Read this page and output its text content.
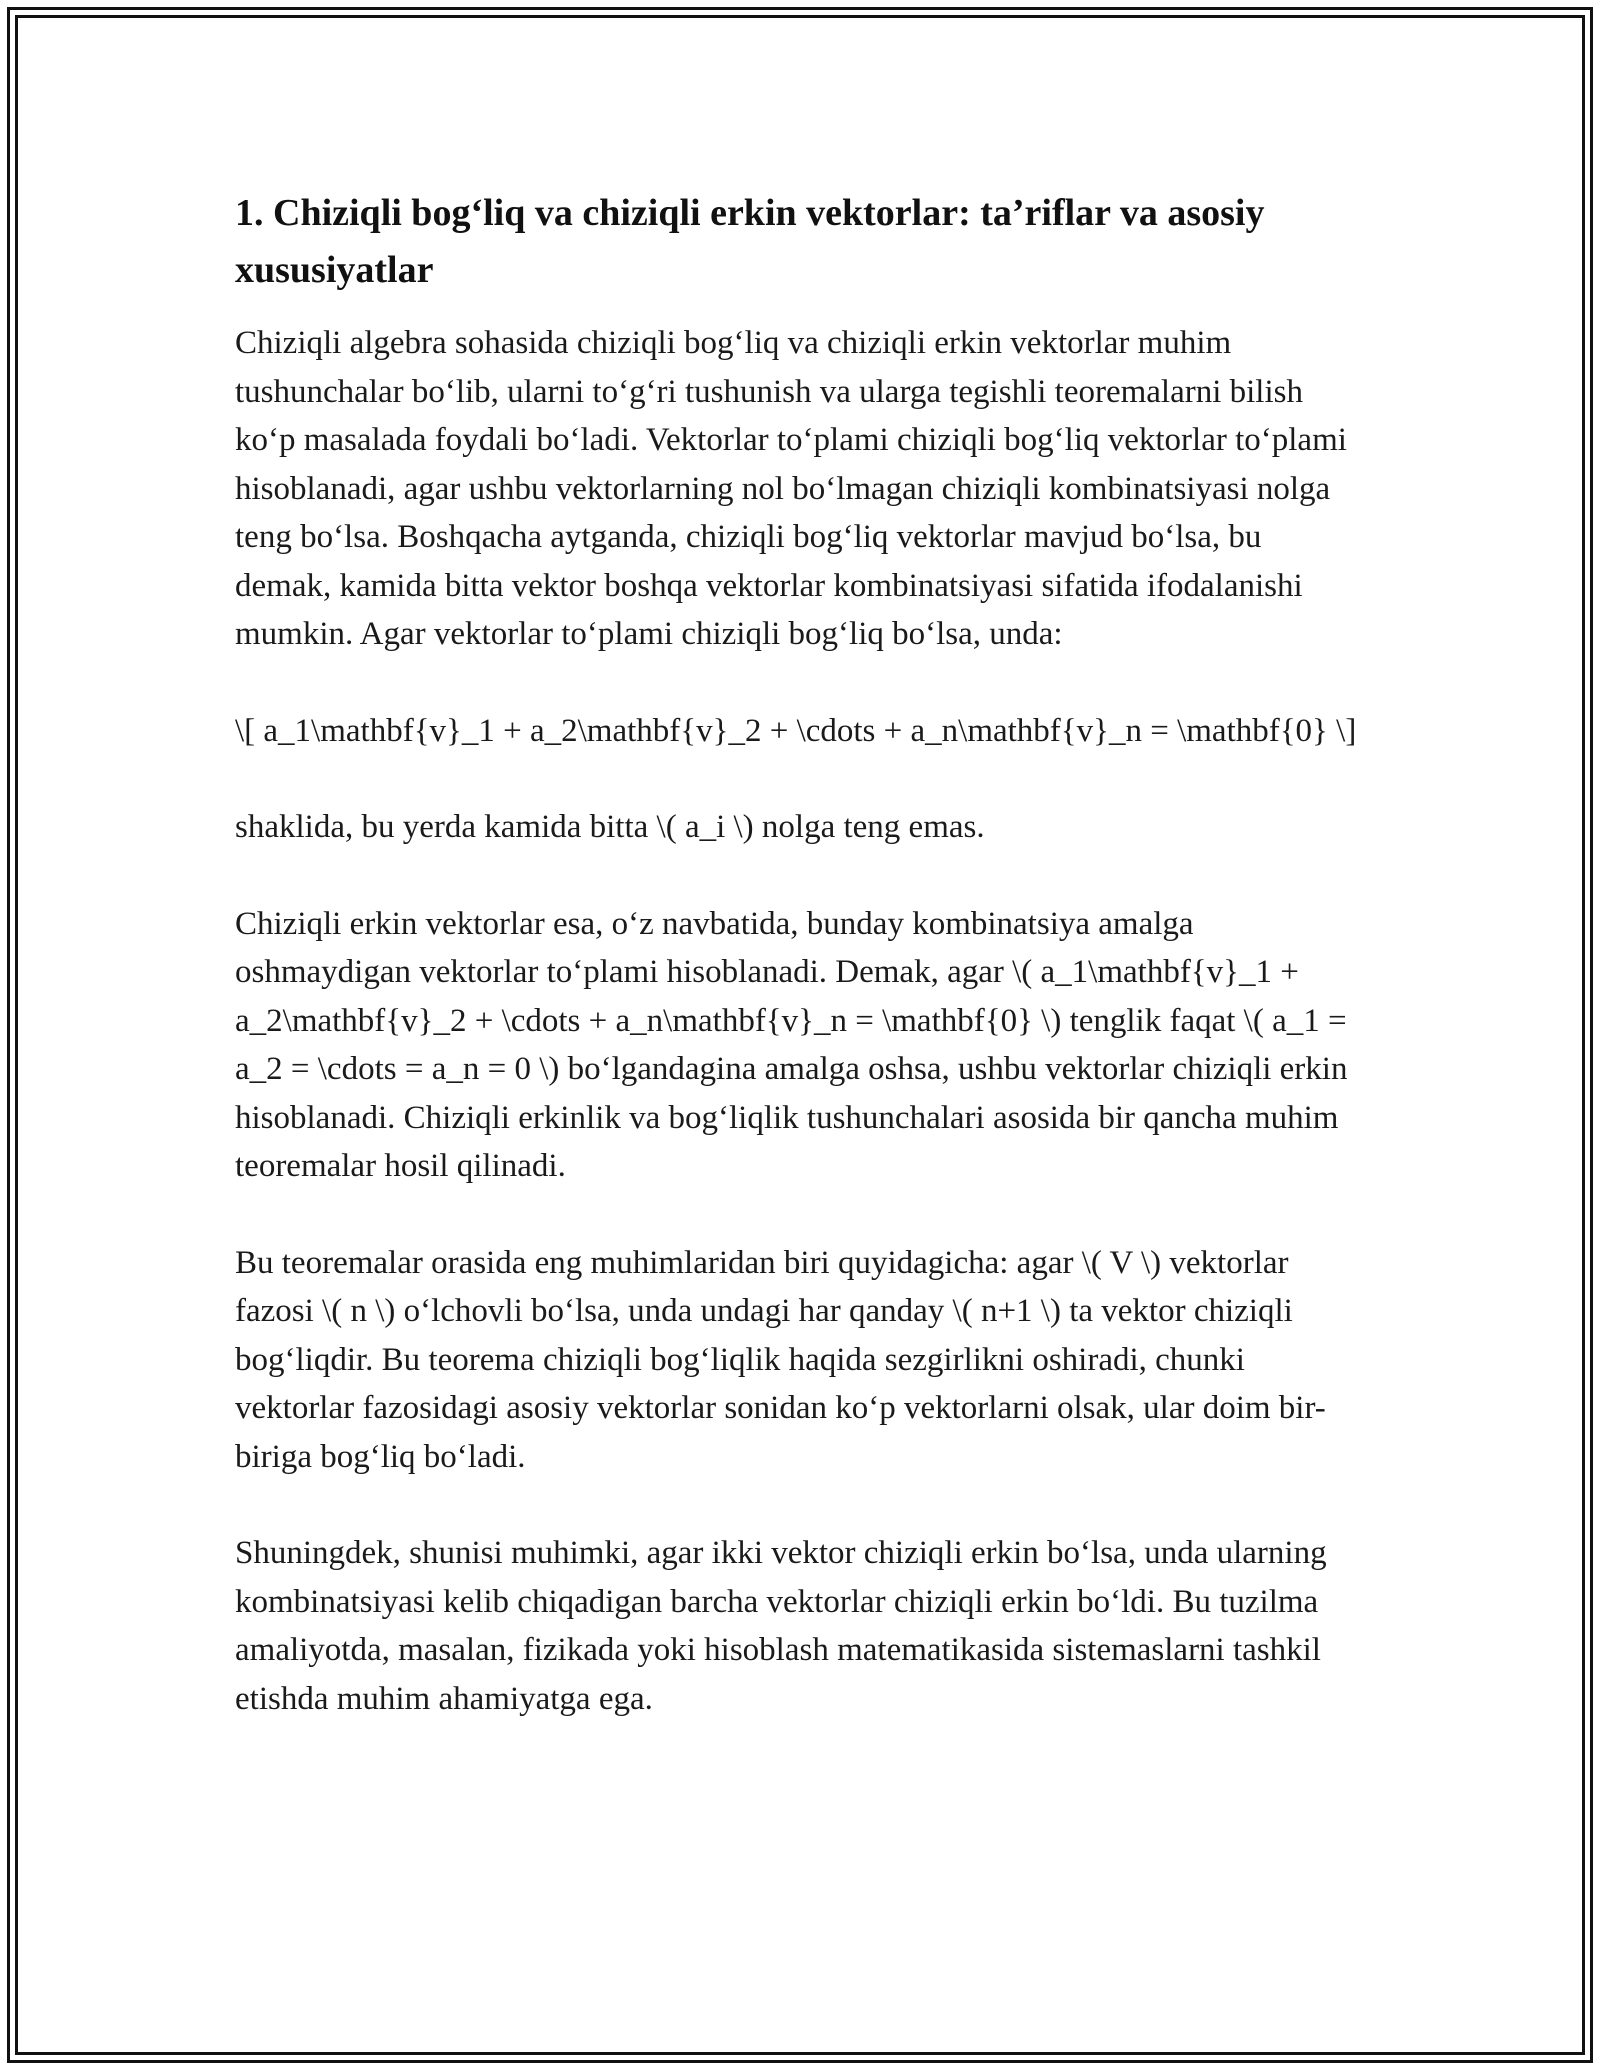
1. Chiziqli bog‘liq va chiziqli erkin vektorlar: ta’riflar va asosiy xususiyatlar

Chiziqli algebra sohasida chiziqli bog‘liq va chiziqli erkin vektorlar muhim tushunchalar bo‘lib, ularni to‘g‘ri tushunish va ularga tegishli teoremalarni bilish ko‘p masalada foydali bo‘ladi. Vektorlar to‘plami chiziqli bog‘liq vektorlar to‘plami hisoblanadi, agar ushbu vektorlarning nol bo‘lmagan chiziqli kombinatsiyasi nolga teng bo‘lsa. Boshqacha aytganda, chiziqli bog‘liq vektorlar mavjud bo‘lsa, bu demak, kamida bitta vektor boshqa vektorlar kombinatsiyasi sifatida ifodalanishi mumkin. Agar vektorlar to‘plami chiziqli bog‘liq bo‘lsa, unda:

\[ a_1\mathbf{v}_1 + a_2\mathbf{v}_2 + \cdots + a_n\mathbf{v}_n = \mathbf{0} \]

shaklida, bu yerda kamida bitta \( a_i \) nolga teng emas.

Chiziqli erkin vektorlar esa, o‘z navbatida, bunday kombinatsiya amalga oshmaydigan vektorlar to‘plami hisoblanadi. Demak, agar \( a_1\mathbf{v}_1 + a_2\mathbf{v}_2 + \cdots + a_n\mathbf{v}_n = \mathbf{0} \) tenglik faqat \( a_1 = a_2 = \cdots = a_n = 0 \) bo‘lgandagina amalga oshsa, ushbu vektorlar chiziqli erkin hisoblanadi. Chiziqli erkinlik va bog‘liqlik tushunchalari asosida bir qancha muhim teoremalar hosil qilinadi.

Bu teoremalar orasida eng muhimlaridan biri quyidagicha: agar \( V \) vektorlar fazosi \( n \) o‘lchovli bo‘lsa, unda undagi har qanday \( n+1 \) ta vektor chiziqli bog‘liqdir. Bu teorema chiziqli bog‘liqlik haqida sezgirlikni oshiradi, chunki vektorlar fazosidagi asosiy vektorlar sonidan ko‘p vektorlarni olsak, ular doim bir-biriga bog‘liq bo‘ladi.

Shuningdek, shunisi muhimki, agar ikki vektor chiziqli erkin bo‘lsa, unda ularning kombinatsiyasi kelib chiqadigan barcha vektorlar chiziqli erkin bo‘ldi. Bu tuzilma amaliyotda, masalan, fizikada yoki hisoblash matematikasida sistemaslarni tashkil etishda muhim ahamiyatga ega.
